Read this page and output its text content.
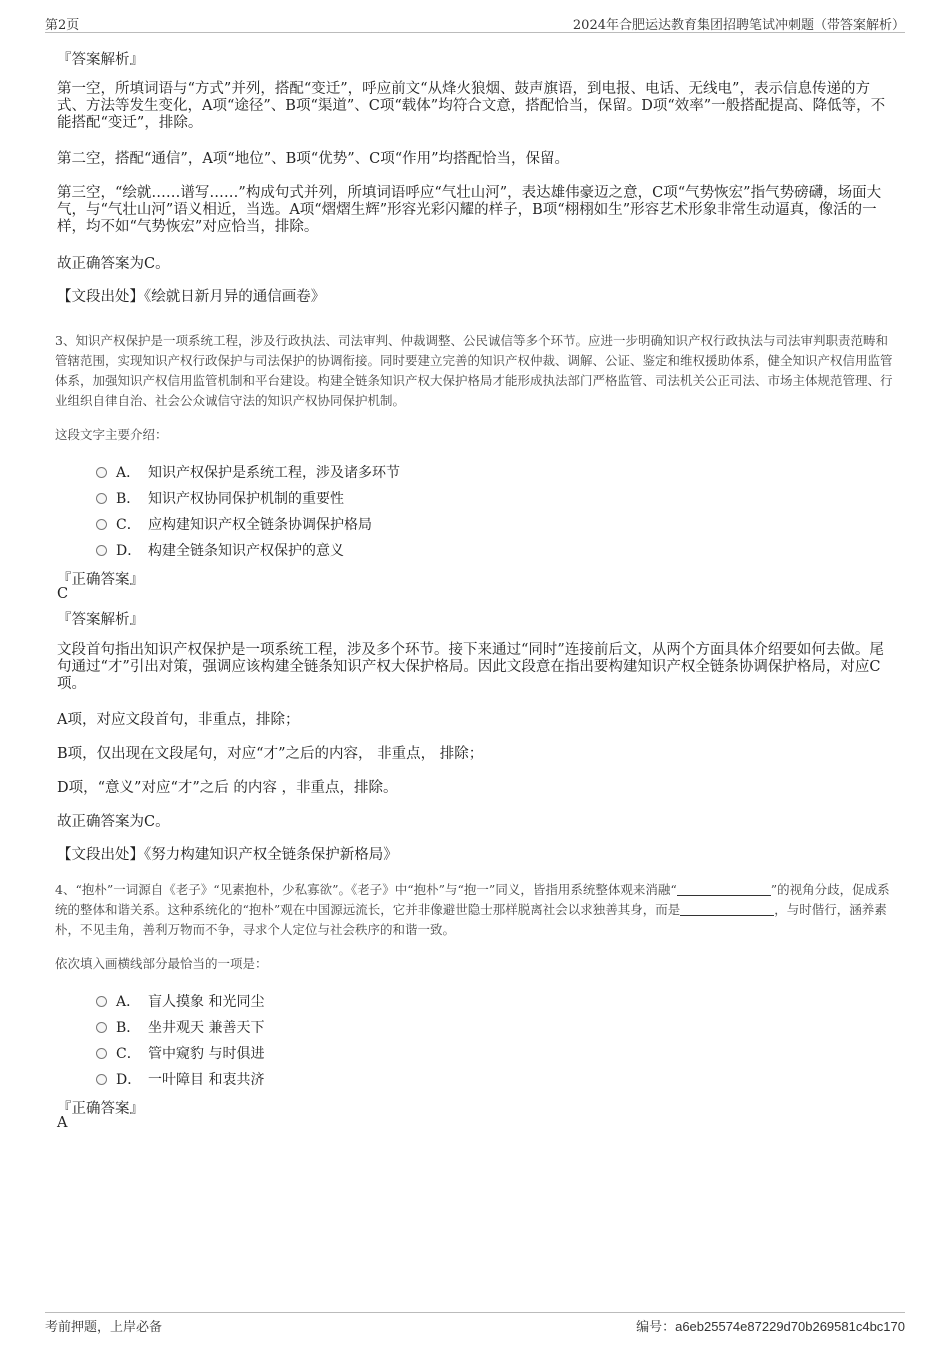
第2页	2024年合肥运达教育集团招聘笔试冲刺题（带答案解析）
『答案解析』

第一空，所填词语与“方式”并列，搭配“变迁”，呼应前文“从烽火狼烟、鼓声旗语，到电报、电话、无线电”，表示信息传递的方式、方法等发生变化，A项“途径”、B项“渠道”、C项“载体”均符合文意，搭配恰当，保留。D项“效率”一般搭配提高、降低等，不能搭配“变迁”，排除。

第二空，搭配“通信”，A项“地位”、B项“优势”、C项“作用”均搭配恰当，保留。

第三空，“绘就……谱写……”构成句式并列，所填词语呼应“气壮山河”，表达雄伟豪迈之意，C项“气势恢宏”指气势磅礴，场面大气，与“气壮山河”语义相近，当选。A项“熠熠生辉”形容光彩闪耀的样子，B项“栩栩如生”形容艺术形象非常生动逼真，像活的一样，均不如“气势恢宏”对应恰当，排除。

故正确答案为C。

【文段出处】《绘就日新月异的通信画卷》

3、知识产权保护是一项系统工程，涉及行政执法、司法审判、仲裁调整、公民诚信等多个环节。应进一步明确知识产权行政执法与司法审判职责范畴和管辖范围，实现知识产权行政保护与司法保护的协调衔接。同时要建立完善的知识产权仲裁、调解、公证、鉴定和维权援助体系，健全知识产权信用监管体系，加强知识产权信用监管机制和平台建设。构建全链条知识产权大保护格局才能形成执法部门严格监管、司法机关公正司法、市场主体规范管理、行业组织自律自治、社会公众诚信守法的知识产权协同保护机制。

这段文字主要介绍：

A． 知识产权保护是系统工程，涉及诸多环节
B． 知识产权协同保护机制的重要性
C． 应构建知识产权全链条协调保护格局
D． 构建全链条知识产权保护的意义
『正确答案』
C
『答案解析』

文段首句指出知识产权保护是一项系统工程，涉及多个环节。接下来通过“同时”连接前后文，从两个方面具体介绍要如何去做。尾句通过“才”引出对策，强调应该构建全链条知识产权大保护格局。因此文段意在指出要构建知识产权全链条协调保护格局，对应C项。

A项，对应文段首句，非重点，排除；

B项，仅出现在文段尾句，对应“才”之后的内容， 非重点， 排除；

D项，“意义”对应“才”之后 的内容 ，非重点，排除。

故正确答案为C。

【文段出处】《努力构建知识产权全链条保护新格局》

4、“抱朴”一词源自《老子》“见素抱朴，少私寡欲”。《老子》中“抱朴”与“抱一”同义，皆指用系统整体观来消融“	”的视角分歧，促成系统的整体和谐关系。这种系统化的“抱朴”观在中国源远流长，它并非像避世隐士那样脱离社会以求独善其身，而是	，与时偕行，涵养素朴，不见圭角，善利万物而不争，寻求个人定位与社会秩序的和谐一致。

依次填入画横线部分最恰当的一项是：

A． 盲人摸象 和光同尘
B． 坐井观天 兼善天下
C． 管中窥豹 与时俱进
D． 一叶障目 和衷共济
『正确答案』
A
考前押题，上岸必备	编号：a6eb25574e87229d70b269581c4bc170
